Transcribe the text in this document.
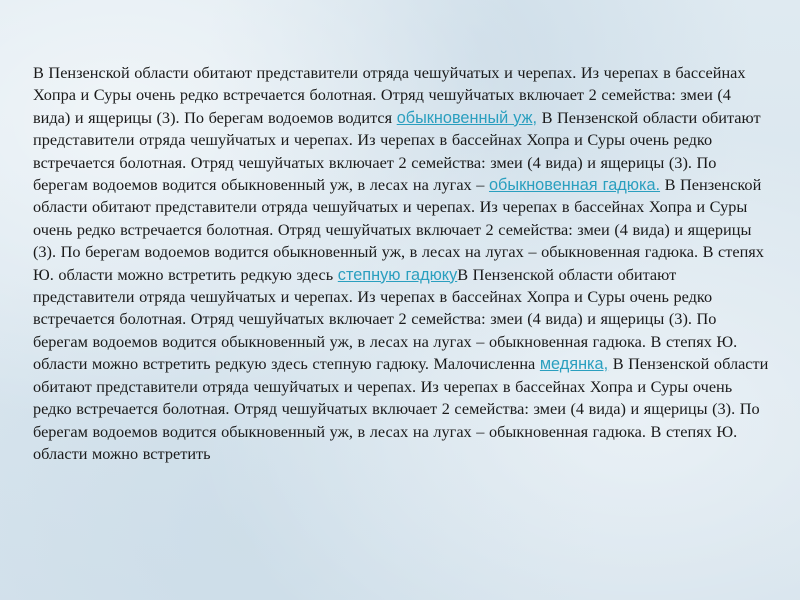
В Пензенской области обитают представители отряда чешуйчатых и черепах. Из черепах в бассейнах Хопра и Суры очень редко встречается болотная. Отряд чешуйчатых включает 2 семейства: змеи (4 вида) и ящерицы (3). По берегам водоемов водится обыкновенный уж, В Пензенской области обитают представители отряда чешуйчатых и черепах. Из черепах в бассейнах Хопра и Суры очень редко встречается болотная. Отряд чешуйчатых включает 2 семейства: змеи (4 вида) и ящерицы (3). По берегам водоемов водится обыкновенный уж, в лесах на лугах – обыкновенная гадюка. В Пензенской области обитают представители отряда чешуйчатых и черепах. Из черепах в бассейнах Хопра и Суры очень редко встречается болотная. Отряд чешуйчатых включает 2 семейства: змеи (4 вида) и ящерицы (3). По берегам водоемов водится обыкновенный уж, в лесах на лугах – обыкновенная гадюка. В степях Ю. области можно встретить редкую здесь степную гадюкуВ Пензенской области обитают представители отряда чешуйчатых и черепах. Из черепах в бассейнах Хопра и Суры очень редко встречается болотная. Отряд чешуйчатых включает 2 семейства: змеи (4 вида) и ящерицы (3). По берегам водоемов водится обыкновенный уж, в лесах на лугах – обыкновенная гадюка. В степях Ю. области можно встретить редкую здесь степную гадюку. Малочисленна медянка, В Пензенской области обитают представители отряда чешуйчатых и черепах. Из черепах в бассейнах Хопра и Суры очень редко встречается болотная. Отряд чешуйчатых включает 2 семейства: змеи (4 вида) и ящерицы (3). По берегам водоемов водится обыкновенный уж, в лесах на лугах – обыкновенная гадюка. В степях Ю. области можно встретить
